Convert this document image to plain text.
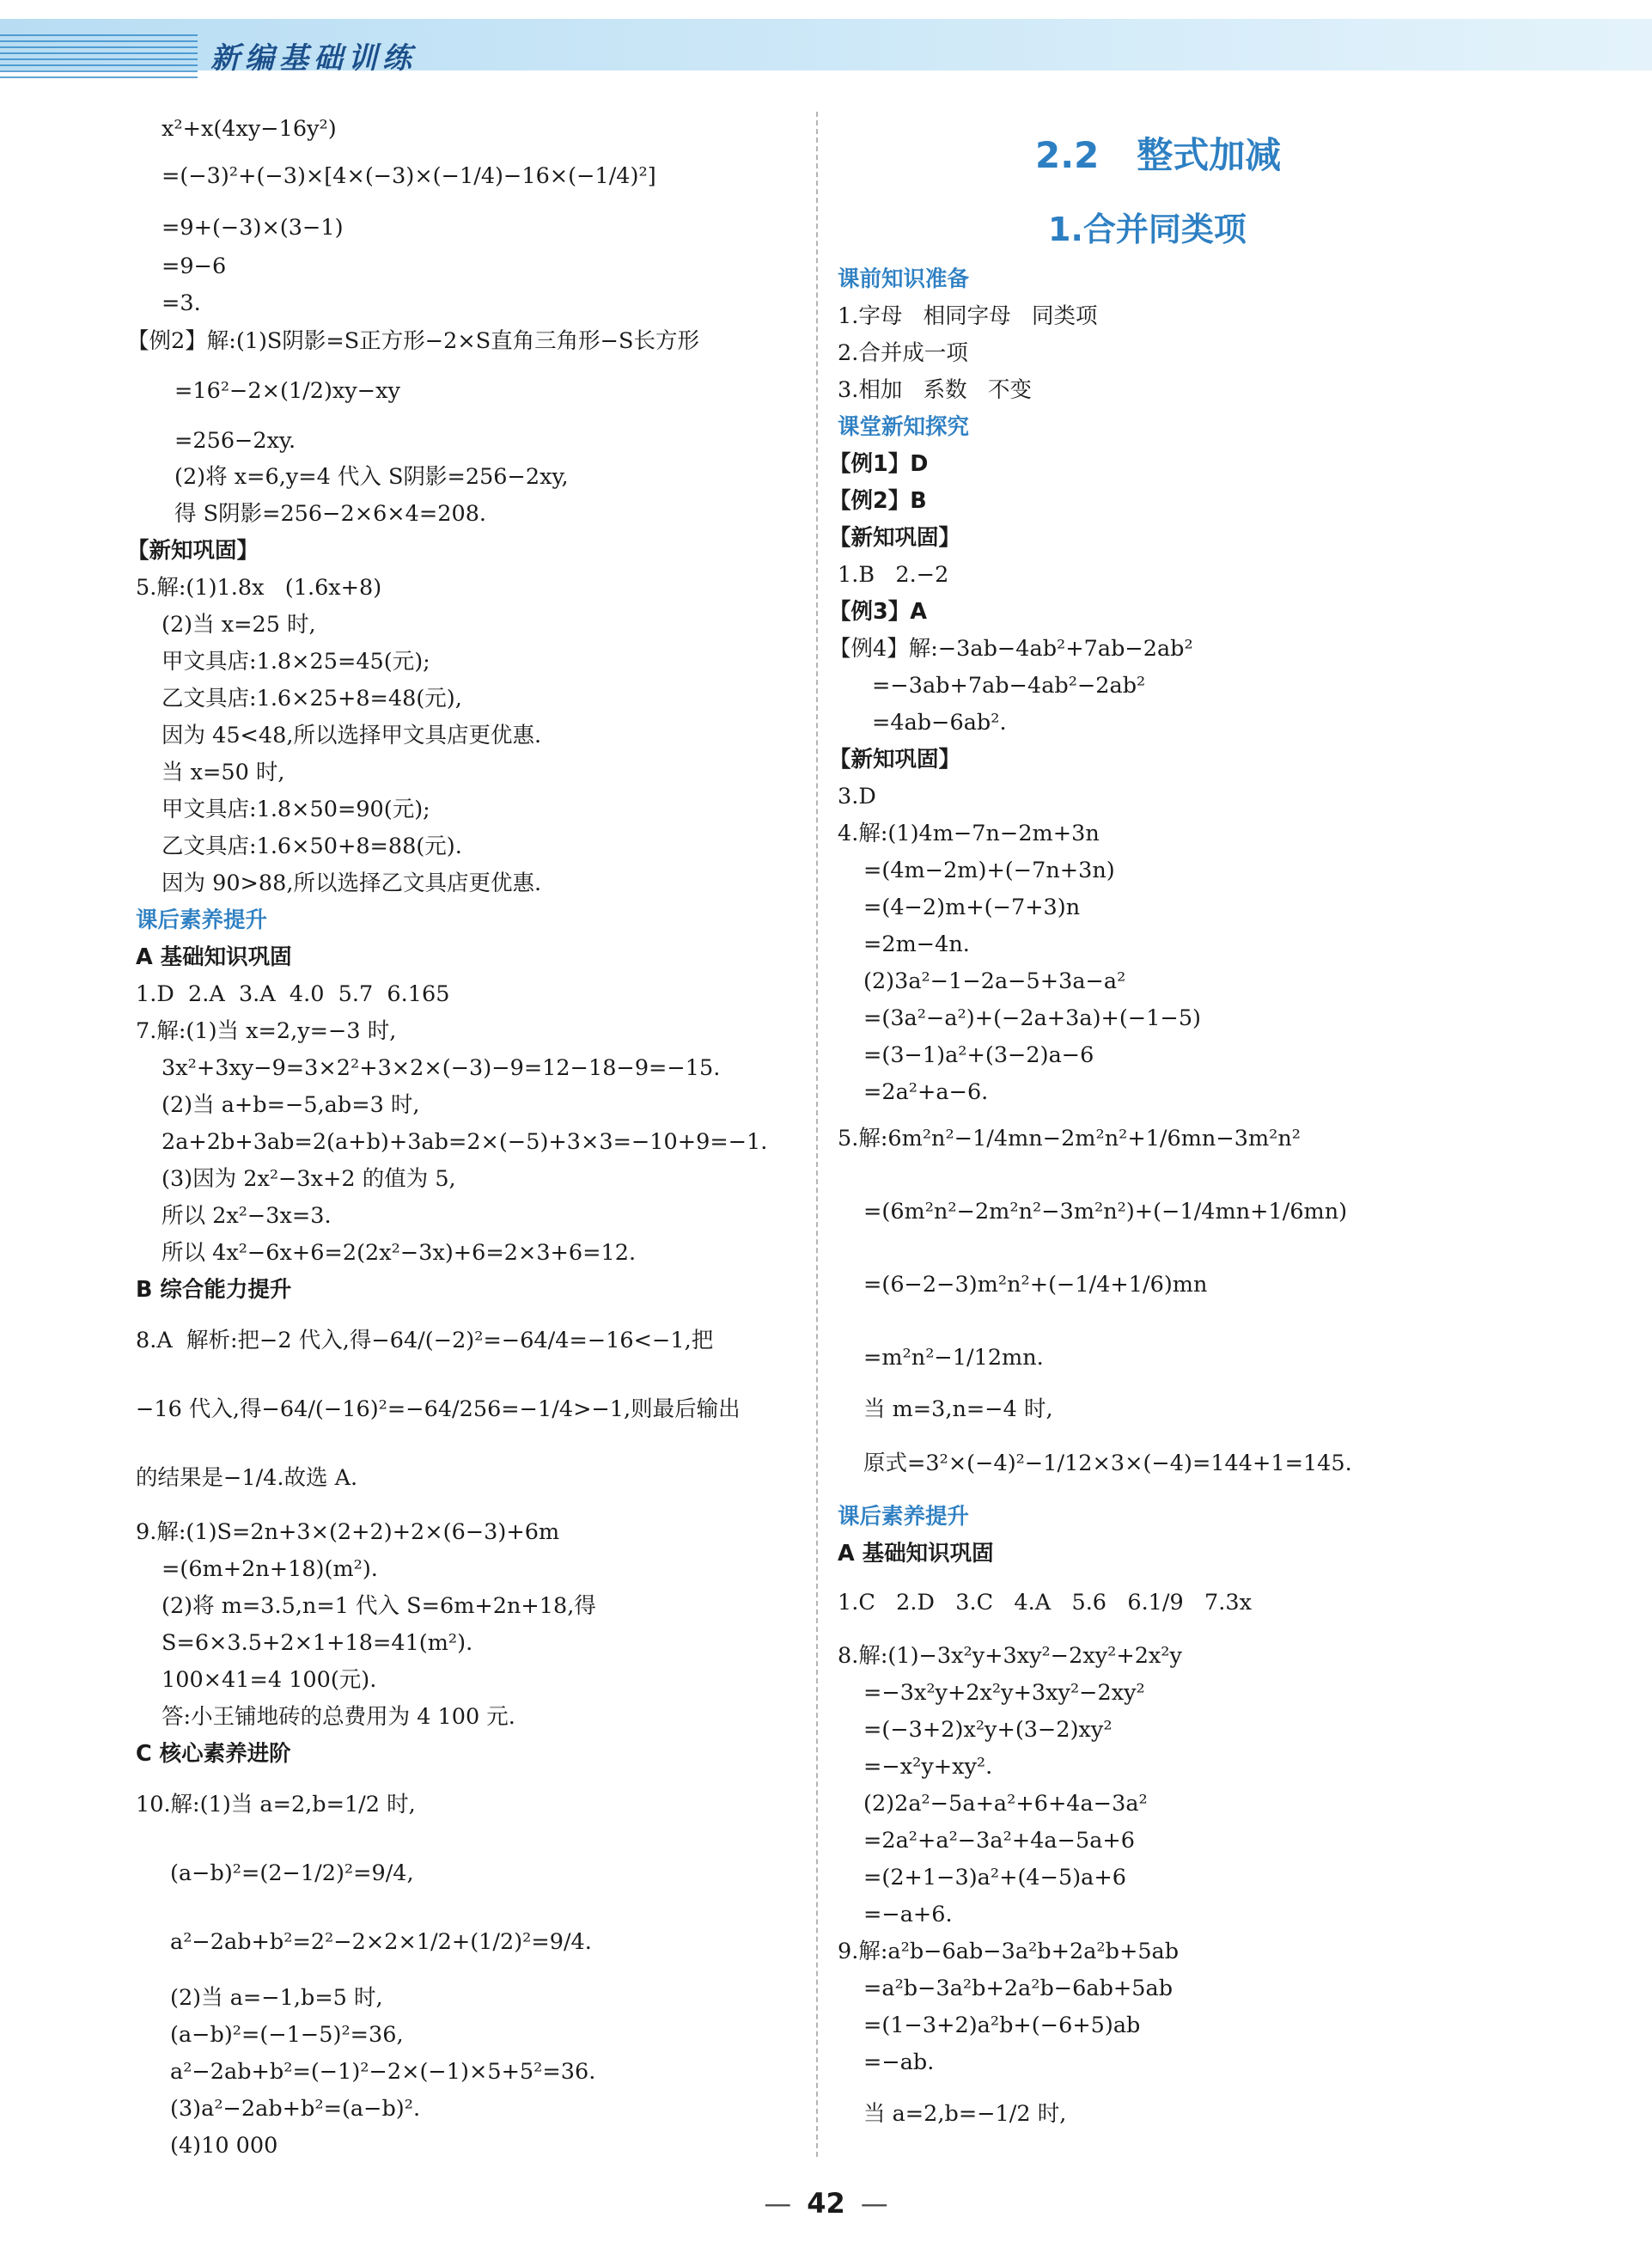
新编基础训练
x²+x(4xy−16y²)
=(−3)²+(−3)×[4×(−3)×(−1/4)−16×(−1/4)²]
=9+(−3)×(3−1)
=9−6
=3.
【例2】解:(1)S阴影=S正方形−2×S直角三角形−S长方形
=16²−2×(1/2)xy−xy
=256−2xy.
(2)将 x=6,y=4 代入 S阴影=256−2xy,
得 S阴影=256−2×6×4=208.
【新知巩固】
5.解:(1)1.8x   (1.6x+8)
(2)当 x=25 时,
甲文具店:1.8×25=45(元);
乙文具店:1.6×25+8=48(元),
因为 45<48,所以选择甲文具店更优惠.
当 x=50 时,
甲文具店:1.8×50=90(元);
乙文具店:1.6×50+8=88(元).
因为 90>88,所以选择乙文具店更优惠.
课后素养提升
A 基础知识巩固
1.D  2.A  3.A  4.0  5.7  6.165
7.解:(1)当 x=2,y=−3 时,
3x²+3xy−9=3×2²+3×2×(−3)−9=12−18−9=−15.
(2)当 a+b=−5,ab=3 时,
2a+2b+3ab=2(a+b)+3ab=2×(−5)+3×3=−10+9=−1.
(3)因为 2x²−3x+2 的值为 5,
所以 2x²−3x=3.
所以 4x²−6x+6=2(2x²−3x)+6=2×3+6=12.
B 综合能力提升
8.A  解析:把−2 代入,得−64/(−2)²=−64/4=−16<−1,把
−16 代入,得−64/(−16)²=−64/256=−1/4>−1,则最后输出
的结果是−1/4.故选 A.
9.解:(1)S=2n+3×(2+2)+2×(6−3)+6m
=(6m+2n+18)(m²).
(2)将 m=3.5,n=1 代入 S=6m+2n+18,得
S=6×3.5+2×1+18=41(m²).
100×41=4 100(元).
答:小王铺地砖的总费用为 4 100 元.
C 核心素养进阶
10.解:(1)当 a=2,b=1/2 时,
(a−b)²=(2−1/2)²=9/4,
a²−2ab+b²=2²−2×2×1/2+(1/2)²=9/4.
(2)当 a=−1,b=5 时,
(a−b)²=(−1−5)²=36,
a²−2ab+b²=(−1)²−2×(−1)×5+5²=36.
(3)a²−2ab+b²=(a−b)².
(4)10 000
2.2   整式加减
1.合并同类项
课前知识准备
1.字母   相同字母   同类项
2.合并成一项
3.相加   系数   不变
课堂新知探究
【例1】D
【例2】B
【新知巩固】
1.B   2.−2
【例3】A
【例4】解:−3ab−4ab²+7ab−2ab²
=−3ab+7ab−4ab²−2ab²
=4ab−6ab².
【新知巩固】
3.D
4.解:(1)4m−7n−2m+3n
=(4m−2m)+(−7n+3n)
=(4−2)m+(−7+3)n
=2m−4n.
(2)3a²−1−2a−5+3a−a²
=(3a²−a²)+(−2a+3a)+(−1−5)
=(3−1)a²+(3−2)a−6
=2a²+a−6.
5.解:6m²n²−1/4mn−2m²n²+1/6mn−3m²n²
=(6m²n²−2m²n²−3m²n²)+(−1/4mn+1/6mn)
=(6−2−3)m²n²+(−1/4+1/6)mn
=m²n²−1/12mn.
当 m=3,n=−4 时,
原式=3²×(−4)²−1/12×3×(−4)=144+1=145.
课后素养提升
A 基础知识巩固
1.C   2.D   3.C   4.A   5.6   6.1/9   7.3x
8.解:(1)−3x²y+3xy²−2xy²+2x²y
=−3x²y+2x²y+3xy²−2xy²
=(−3+2)x²y+(3−2)xy²
=−x²y+xy².
(2)2a²−5a+a²+6+4a−3a²
=2a²+a²−3a²+4a−5a+6
=(2+1−3)a²+(4−5)a+6
=−a+6.
9.解:a²b−6ab−3a²b+2a²b+5ab
=a²b−3a²b+2a²b−6ab+5ab
=(1−3+2)a²b+(−6+5)ab
=−ab.
当 a=2,b=−1/2 时,
— 42 —
